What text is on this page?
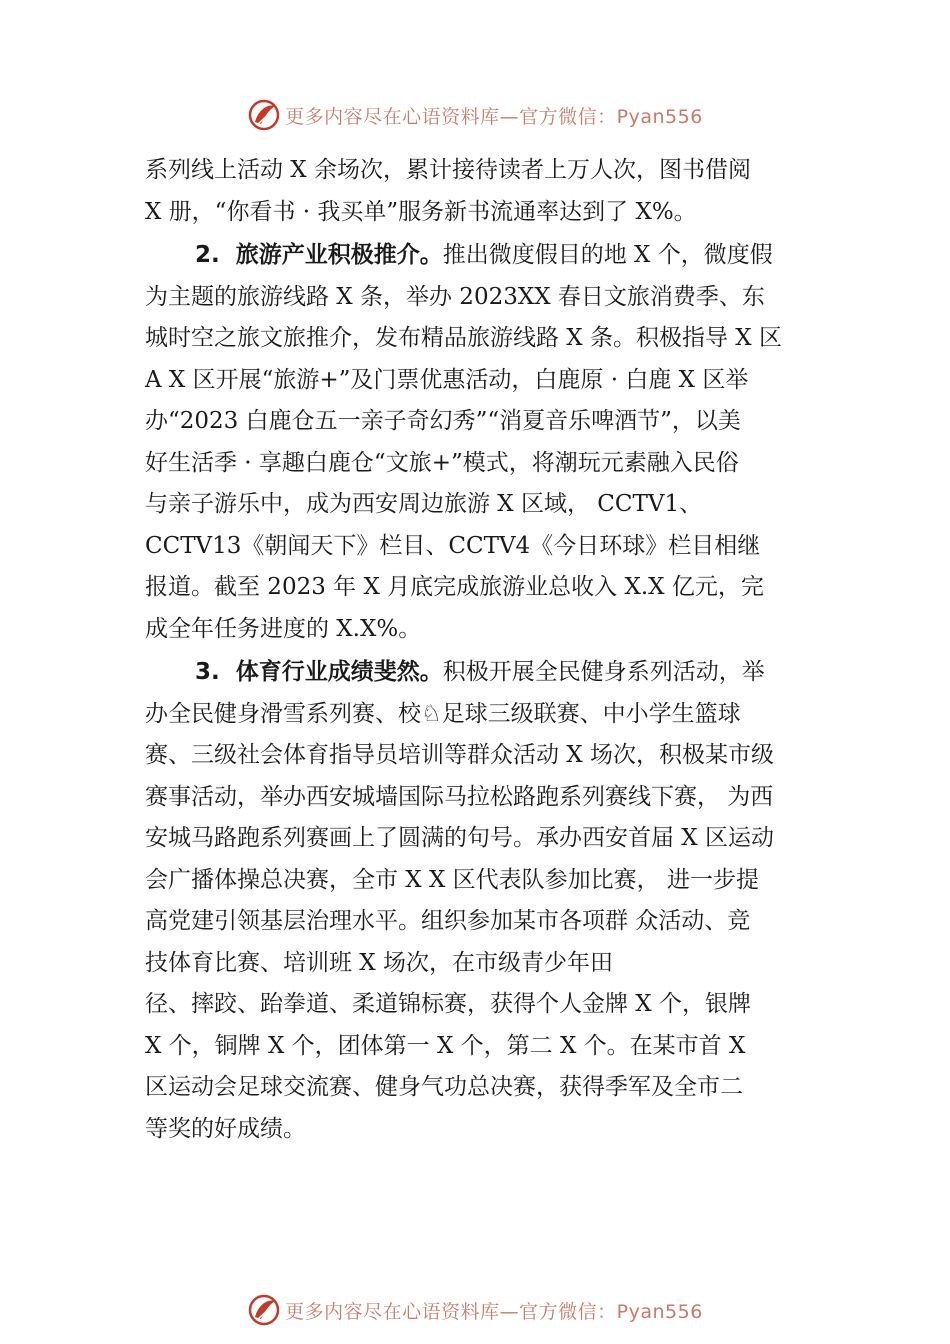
更多内容尽在心语资料库—官方微信：Pyan556

系列线上活动 X 余场次，累计接待读者上万人次，图书借阅
X 册，“你看书 · 我买单”服务新书流通率达到了 X%。

2. 旅游产业积极推介。推出微度假目的地 X 个，微度假
为主题的旅游线路 X 条，举办 2023XX 春日文旅消费季、东
城时空之旅文旅推介，发布精品旅游线路 X 条。积极指导 X 区
A X 区开展“旅游+”及门票优惠活动，白鹿原 · 白鹿 X 区举
办“2023 白鹿仓五一亲子奇幻秀”“消夏音乐啤酒节”，以美
好生活季 · 享趣白鹿仓“文旅+”模式，将潮玩元素融入民俗
与亲子游乐中，成为西安周边旅游 X 区域， CCTV1、
CCTV13《朝闻天下》栏目、CCTV4《今日环球》栏目相继
报道。截至 2023 年 X 月底完成旅游业总收入 X.X 亿元，完
成全年任务进度的 X.X%。

3. 体育行业成绩斐然。积极开展全民健身系列活动，举
办全民健身滑雪系列赛、校♘足球三级联赛、中小学生篮球
赛、三级社会体育指导员培训等群众活动 X 场次，积极某市级
赛事活动，举办西安城墙国际马拉松路跑系列赛线下赛， 为西
安城马路跑系列赛画上了圆满的句号。承办西安首届 X 区运动
会广播体操总决赛，全市 X X 区代表队参加比赛， 进一步提
高党建引领基层治理水平。组织参加某市各项群 众活动、竞
技体育比赛、培训班 X 场次，在市级青少年田
径、摔跤、跆拳道、柔道锦标赛，获得个人金牌 X 个，银牌
X 个，铜牌 X 个，团体第一 X 个，第二 X 个。在某市首 X
区运动会足球交流赛、健身气功总决赛，获得季军及全市二
等奖的好成绩。

更多内容尽在心语资料库—官方微信：Pyan556
